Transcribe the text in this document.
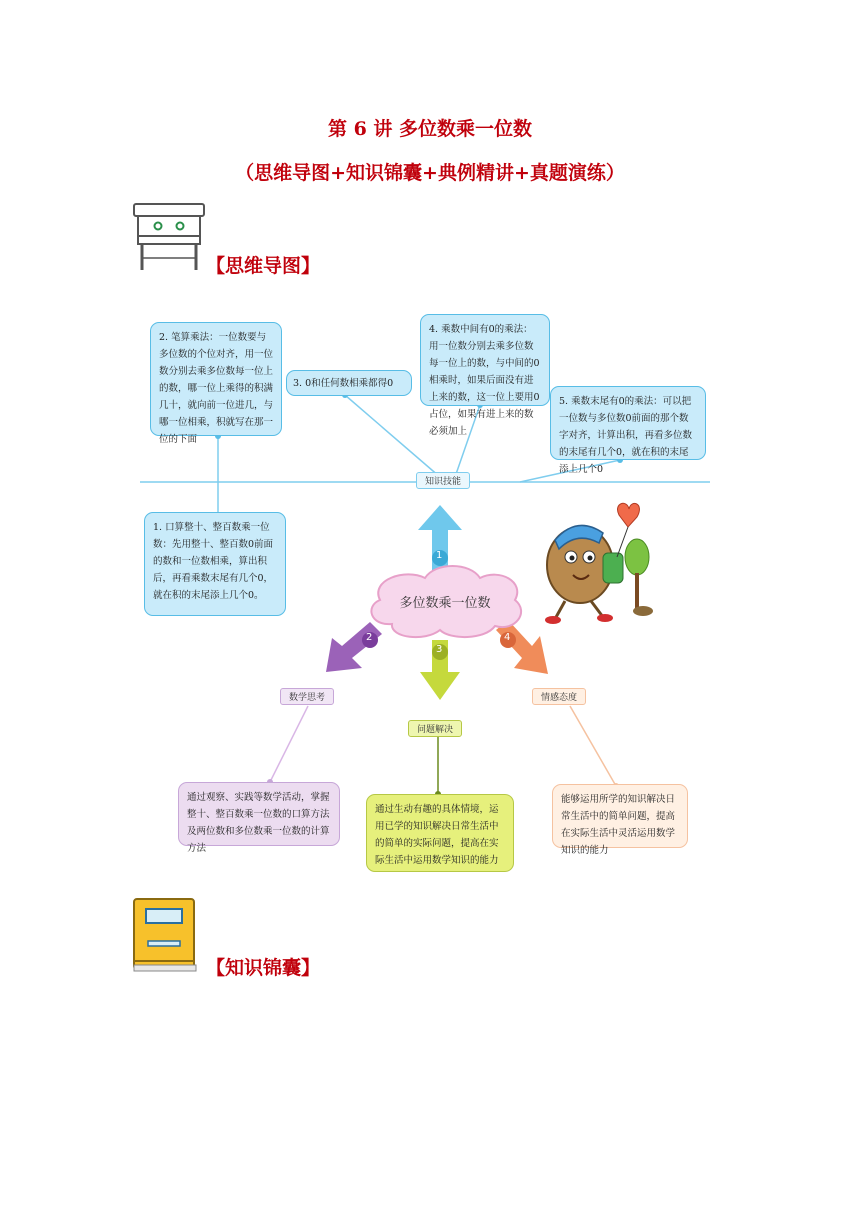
第 6 讲 多位数乘一位数
（思维导图+知识锦囊+典例精讲+真题演练）
【思维导图】
1
2
3
4
多位数乘一位数
知识技能
数学思考
问题解决
情感态度
2. 笔算乘法：一位数要与多位数的个位对齐，用一位数分别去乘多位数每一位上的数，哪一位上乘得的积满几十，就向前一位进几，与哪一位相乘，积就写在那一位的下面
3. 0和任何数相乘都得0
4. 乘数中间有0的乘法：用一位数分别去乘多位数每一位上的数，与中间的0相乘时，如果后面没有进上来的数，这一位上要用0占位，如果有进上来的数必须加上
5. 乘数末尾有0的乘法：可以把一位数与多位数0前面的那个数字对齐，计算出积，再看多位数的末尾有几个0，就在积的末尾添上几个0
1. 口算整十、整百数乘一位数：先用整十、整百数0前面的数和一位数相乘，算出积后，再看乘数末尾有几个0，就在积的末尾添上几个0。
通过观察、实践等数学活动，掌握整十、整百数乘一位数的口算方法及两位数和多位数乘一位数的计算方法
通过生动有趣的具体情境，运用已学的知识解决日常生活中的简单的实际问题，提高在实际生活中运用数学知识的能力
能够运用所学的知识解决日常生活中的简单问题，提高在实际生活中灵活运用数学知识的能力
【知识锦囊】
